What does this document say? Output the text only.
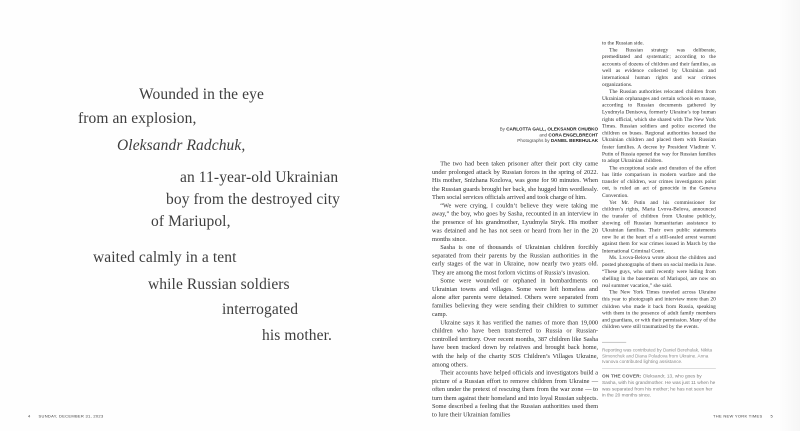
Wounded in the eye
from an explosion,
Oleksandr Radchuk,
an 11-year-old Ukrainian
boy from the destroyed city
of Mariupol,
waited calmly in a tent
while Russian soldiers
interrogated
his mother.
By CARLOTTA GALL, OLEKSANDR CHUBKO
and CORA ENGELBRECHT
Photographs by DANIEL BEREHULAK

The two had been taken prisoner after their port city came under prolonged attack by Russian forces in the spring of 2022. His mother, Snizhana Kozlova, was gone for 90 minutes. When the Russian guards brought her back, she hugged him wordlessly. Then social services officials arrived and took charge of him.

“We were crying, I couldn’t believe they were taking me away,” the boy, who goes by Sasha, recounted in an interview in the presence of his grandmother, Lyudmyla Siryk. His mother was detained and he has not seen or heard from her in the 20 months since.

Sasha is one of thousands of Ukrainian children forcibly separated from their parents by the Russian authorities in the early stages of the war in Ukraine, now nearly two years old. They are among the most forlorn victims of Russia’s invasion.

Some were wounded or orphaned in bombardments on Ukrainian towns and villages. Some were left homeless and alone after parents were detained. Others were separated from families believing they were sending their children to summer camp.

Ukraine says it has verified the names of more than 19,000 children who have been transferred to Russia or Russian-controlled territory. Over recent months, 387 children like Sasha have been tracked down by relatives and brought back home, with the help of the charity SOS Children’s Villages Ukraine, among others.

Their accounts have helped officials and investigators build a picture of a Russian effort to remove children from Ukraine — often under the pretext of rescuing them from the war zone — to turn them against their homeland and into loyal Russian subjects. Some described a feeling that the Russian authorities used them to lure their Ukrainian families

to the Russian side.

The Russian strategy was deliberate, premeditated and systematic; according to the accounts of dozens of children and their families, as well as evidence collected by Ukrainian and international human rights and war crimes organizations.

The Russian authorities relocated children from Ukrainian orphanages and certain schools en masse, according to Russian documents gathered by Lyudmyla Denisova, formerly Ukraine’s top human rights official, which she shared with The New York Times. Russian soldiers and police escorted the children on buses. Regional authorities housed the Ukrainian children and placed them with Russian foster families. A decree by President Vladimir V. Putin of Russia opened the way for Russian families to adopt Ukrainian children.

The exceptional scale and duration of the effort has little comparison in modern warfare and the transfer of children, war crimes investigators point out, is ruled an act of genocide in the Geneva Convention.

Yet Mr. Putin and his commissioner for children’s rights, Maria Lvova-Belova, announced the transfer of children from Ukraine publicly, showing off Russian humanitarian assistance to Ukrainian families. Their own public statements now lie at the heart of a still-sealed arrest warrant against them for war crimes issued in March by the International Criminal Court.

Ms. Lvova-Belova wrote about the children and posted photographs of them on social media in June. “These guys, who until recently were hiding from shelling in the basements of Mariupol, are now on real summer vacation,” she said.

The New York Times traveled across Ukraine this year to photograph and interview more than 20 children who made it back from Russia, speaking with them in the presence of adult family members and guardians, or with their permission. Many of the children were still traumatized by the events.

Reporting was contributed by Daniel Berehulak, Nikita Simonchuk and Diana Poladova from Ukraine. Anna Ivanova contributed lighting assistance.

ON THE COVER: Oleksandr, 13, who goes by Sasha, with his grandmother. He was just 11 when he was separated from his mother; he has not seen her in the 20 months since.

4 SUNDAY, DECEMBER 31, 2023	THE NEW YORK TIMES 5
